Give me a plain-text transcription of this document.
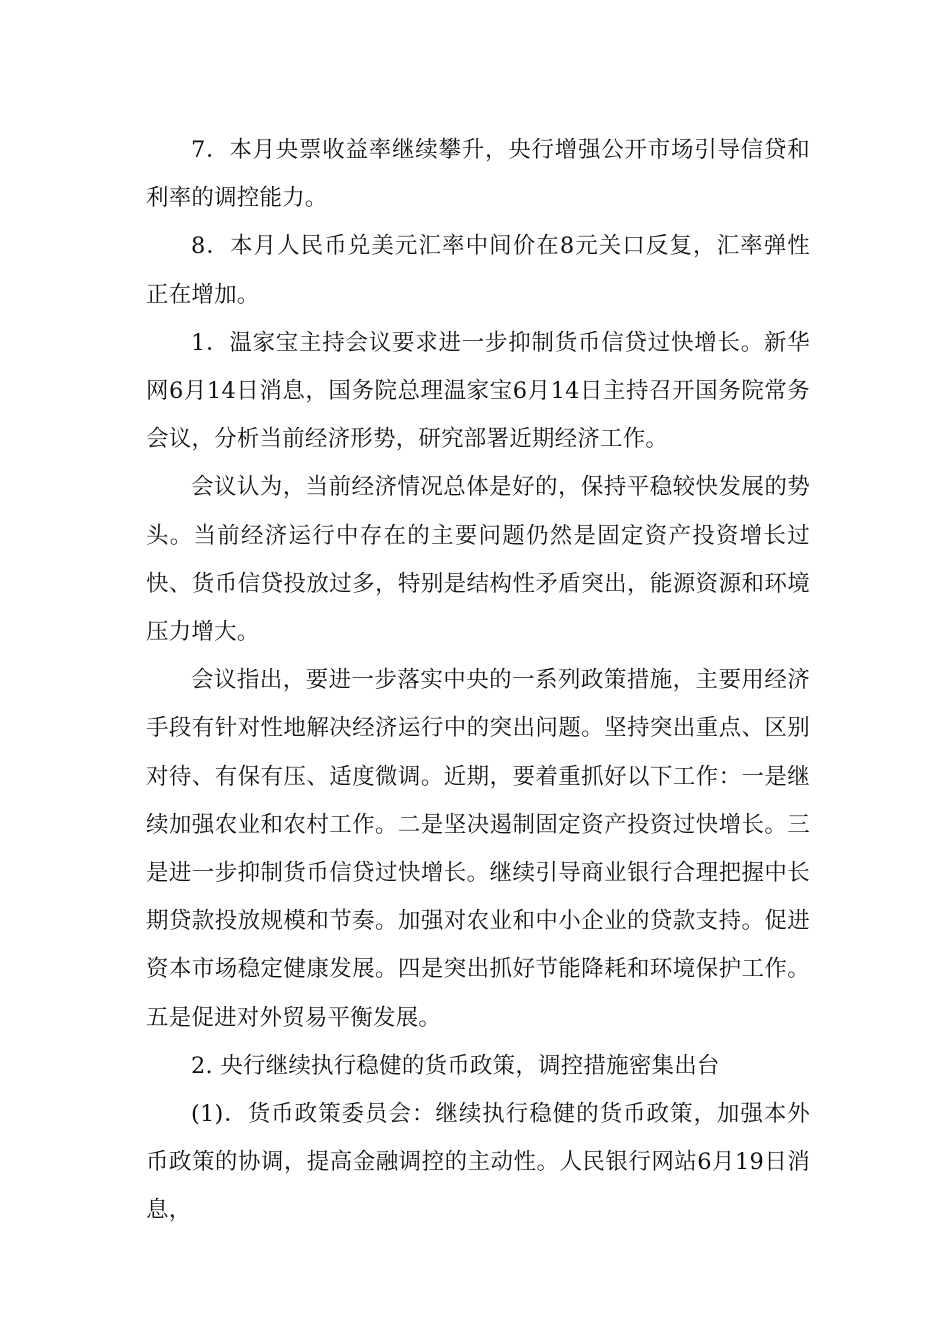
7．本月央票收益率继续攀升，央行增强公开市场引导信贷和利率的调控能力。

8．本月人民币兑美元汇率中间价在8元关口反复，汇率弹性正在增加。

1．温家宝主持会议要求进一步抑制货币信贷过快增长。新华网6月14日消息，国务院总理温家宝6月14日主持召开国务院常务会议，分析当前经济形势，研究部署近期经济工作。

会议认为，当前经济情况总体是好的，保持平稳较快发展的势头。当前经济运行中存在的主要问题仍然是固定资产投资增长过快、货币信贷投放过多，特别是结构性矛盾突出，能源资源和环境压力增大。

会议指出，要进一步落实中央的一系列政策措施，主要用经济手段有针对性地解决经济运行中的突出问题。坚持突出重点、区别对待、有保有压、适度微调。近期，要着重抓好以下工作：一是继续加强农业和农村工作。二是坚决遏制固定资产投资过快增长。三是进一步抑制货币信贷过快增长。继续引导商业银行合理把握中长期贷款投放规模和节奏。加强对农业和中小企业的贷款支持。促进资本市场稳定健康发展。四是突出抓好节能降耗和环境保护工作。五是促进对外贸易平衡发展。

2. 央行继续执行稳健的货币政策，调控措施密集出台

(1)．货币政策委员会：继续执行稳健的货币政策，加强本外币政策的协调，提高金融调控的主动性。人民银行网站6月19日消息，
